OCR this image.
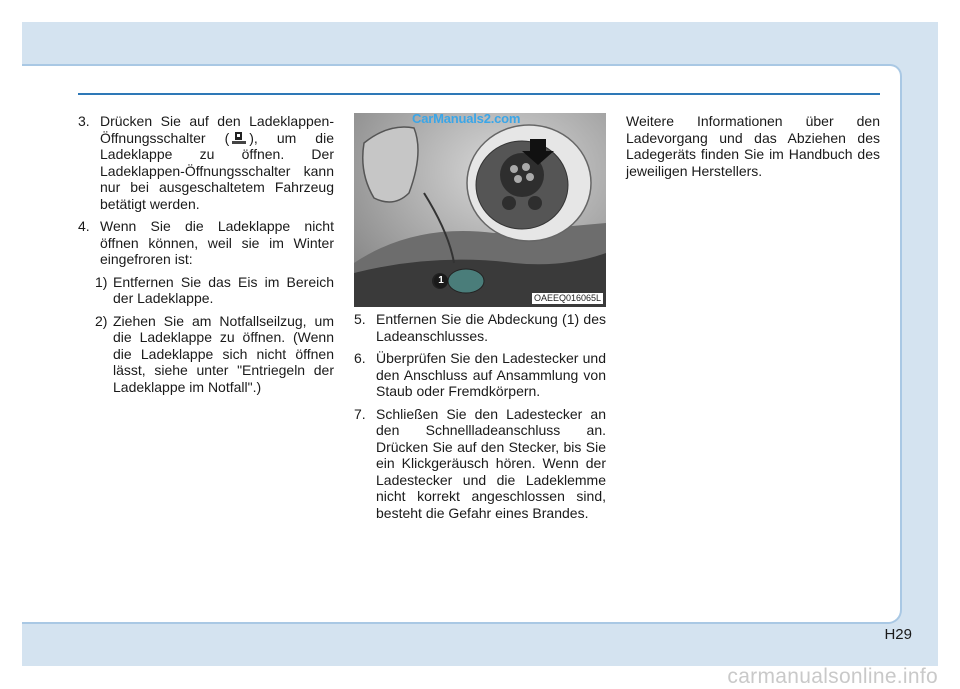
3. Drücken Sie auf den Ladeklappen-Öffnungsschalter ( ), um die Ladeklappe zu öffnen. Der Ladeklappen-Öffnungsschalter kann nur bei ausgeschaltetem Fahrzeug betätigt werden.
4. Wenn Sie die Ladeklappe nicht öffnen können, weil sie im Winter eingefroren ist:
1) Entfernen Sie das Eis im Bereich der Ladeklappe.
2) Ziehen Sie am Notfallseilzug, um die Ladeklappe zu öffnen. (Wenn die Ladeklappe sich nicht öffnen lässt, siehe unter "Entriegeln der Ladeklappe im Notfall".)
OAEEQ016065L
1
CarManuals2.com
5. Entfernen Sie die Abdeckung (1) des Ladeanschlusses.
6. Überprüfen Sie den Ladestecker und den Anschluss auf Ansammlung von Staub oder Fremdkörpern.
7. Schließen Sie den Ladestecker an den Schnellladeanschluss an. Drücken Sie auf den Stecker, bis Sie ein Klickgeräusch hören. Wenn der Ladestecker und die Ladeklemme nicht korrekt angeschlossen sind, besteht die Gefahr eines Brandes.
Weitere Informationen über den Ladevorgang und das Abziehen des Ladegeräts finden Sie im Handbuch des jeweiligen Herstellers.
H29
carmanualsonline.info
